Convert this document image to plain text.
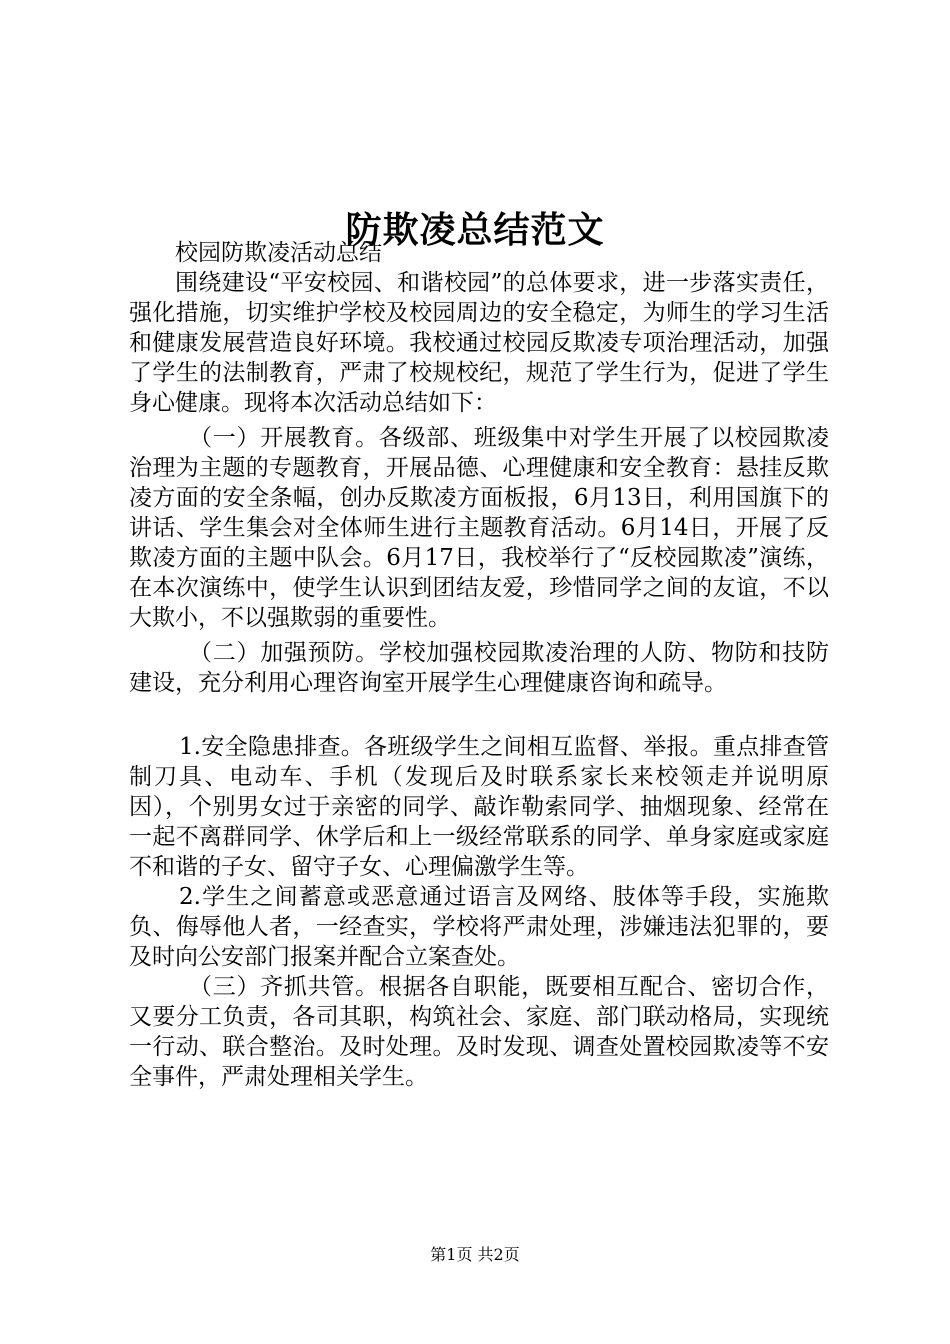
防欺凌总结范文

校园防欺凌活动总结

围绕建设“平安校园、和谐校园”的总体要求，进一步落实责任，强化措施，切实维护学校及校园周边的安全稳定，为师生的学习生活和健康发展营造良好环境。我校通过校园反欺凌专项治理活动，加强了学生的法制教育，严肃了校规校纪，规范了学生行为，促进了学生身心健康。现将本次活动总结如下：

（一）开展教育。各级部、班级集中对学生开展了以校园欺凌治理为主题的专题教育，开展品德、心理健康和安全教育：悬挂反欺凌方面的安全条幅，创办反欺凌方面板报，6月13日，利用国旗下的讲话、学生集会对全体师生进行主题教育活动。6月14日，开展了反欺凌方面的主题中队会。6月17日，我校举行了“反校园欺凌”演练，在本次演练中，使学生认识到团结友爱，珍惜同学之间的友谊，不以大欺小，不以强欺弱的重要性。

（二）加强预防。学校加强校园欺凌治理的人防、物防和技防建设，充分利用心理咨询室开展学生心理健康咨询和疏导。

1.安全隐患排查。各班级学生之间相互监督、举报。重点排查管制刀具、电动车、手机（发现后及时联系家长来校领走并说明原因），个别男女过于亲密的同学、敲诈勒索同学、抽烟现象、经常在一起不离群同学、休学后和上一级经常联系的同学、单身家庭或家庭不和谐的子女、留守子女、心理偏激学生等。

2.学生之间蓄意或恶意通过语言及网络、肢体等手段，实施欺负、侮辱他人者，一经查实，学校将严肃处理，涉嫌违法犯罪的，要及时向公安部门报案并配合立案查处。

（三）齐抓共管。根据各自职能，既要相互配合、密切合作，又要分工负责，各司其职，构筑社会、家庭、部门联动格局，实现统一行动、联合整治。及时处理。及时发现、调查处置校园欺凌等不安全事件，严肃处理相关学生。

第1页 共2页
